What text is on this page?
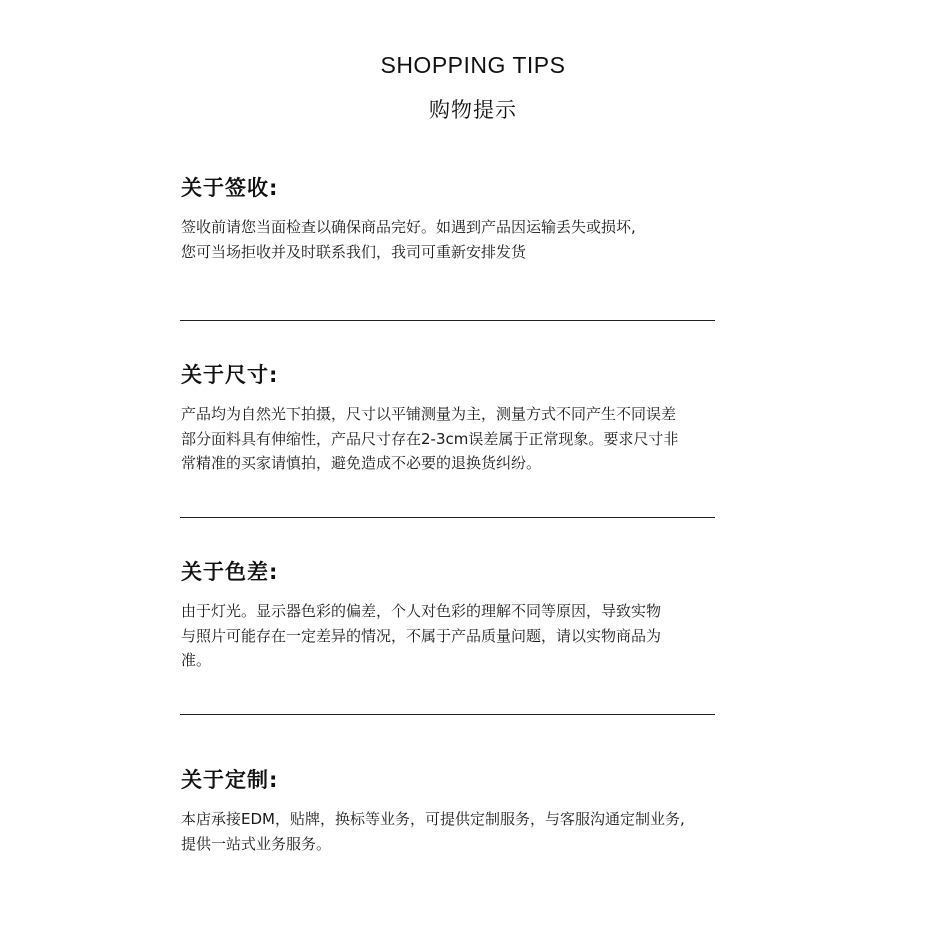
SHOPPING TIPS
购物提示
关于签收:
签收前请您当面检查以确保商品完好。如遇到产品因运输丢失或损坏,
您可当场拒收并及时联系我们，我司可重新安排发货
关于尺寸:
产品均为自然光下拍摄，尺寸以平铺测量为主，测量方式不同产生不同误差
部分面料具有伸缩性，产品尺寸存在2-3cm误差属于正常现象。要求尺寸非
常精准的买家请慎拍，避免造成不必要的退换货纠纷。
关于色差:
由于灯光。显示器色彩的偏差，个人对色彩的理解不同等原因，导致实物
与照片可能存在一定差异的情况，不属于产品质量问题，请以实物商品为
准。
关于定制:
本店承接EDM，贴牌，换标等业务，可提供定制服务，与客服沟通定制业务,
提供一站式业务服务。
